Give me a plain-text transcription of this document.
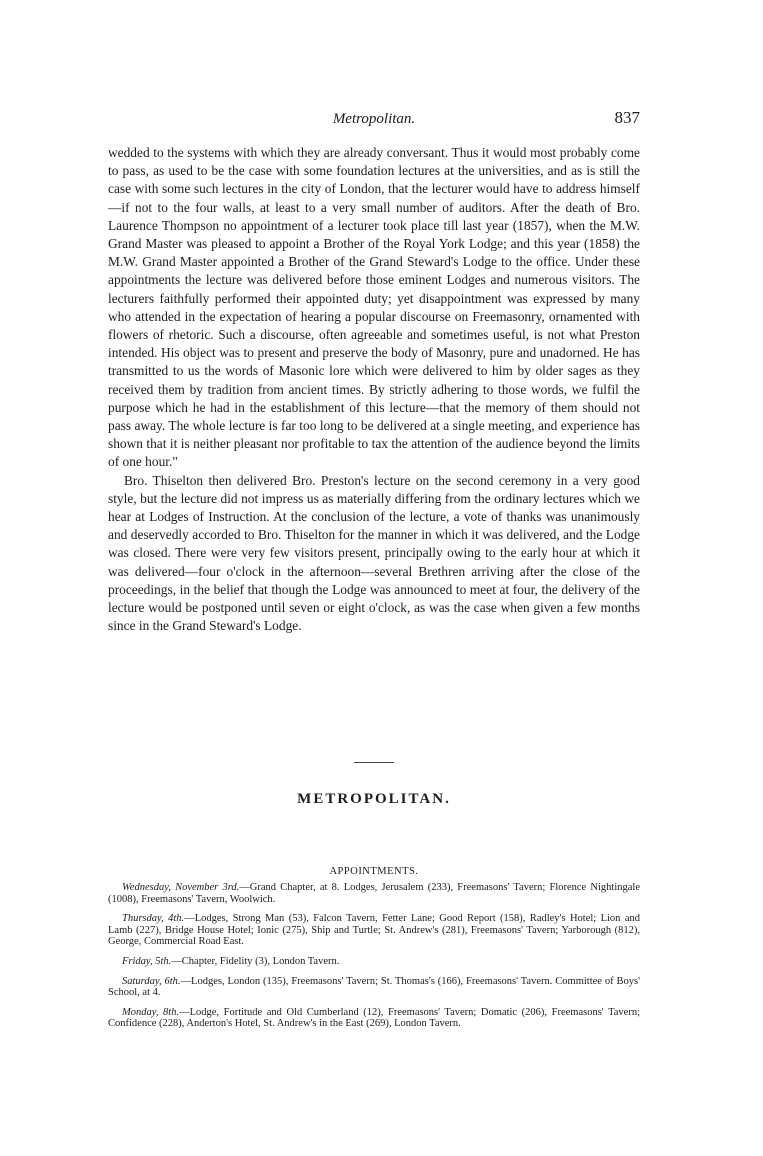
Metropolitan.	837

wedded to the systems with which they are already conversant. Thus it would most probably come to pass, as used to be the case with some foundation lectures at the universities, and as is still the case with some such lectures in the city of London, that the lecturer would have to address himself—if not to the four walls, at least to a very small number of auditors. After the death of Bro. Laurence Thompson no appointment of a lecturer took place till last year (1857), when the M.W. Grand Master was pleased to appoint a Brother of the Royal York Lodge; and this year (1858) the M.W. Grand Master appointed a Brother of the Grand Steward's Lodge to the office. Under these appointments the lecture was delivered before those eminent Lodges and numerous visitors. The lecturers faithfully performed their appointed duty; yet disappointment was expressed by many who attended in the expectation of hearing a popular discourse on Freemasonry, ornamented with flowers of rhetoric. Such a discourse, often agreeable and sometimes useful, is not what Preston intended. His object was to present and preserve the body of Masonry, pure and unadorned. He has transmitted to us the words of Masonic lore which were delivered to him by older sages as they received them by tradition from ancient times. By strictly adhering to those words, we fulfil the purpose which he had in the establishment of this lecture—that the memory of them should not pass away. The whole lecture is far too long to be delivered at a single meeting, and experience has shown that it is neither pleasant nor profitable to tax the attention of the audience beyond the limits of one hour."

Bro. Thiselton then delivered Bro. Preston's lecture on the second ceremony in a very good style, but the lecture did not impress us as materially differing from the ordinary lectures which we hear at Lodges of Instruction. At the conclusion of the lecture, a vote of thanks was unanimously and deservedly accorded to Bro. Thiselton for the manner in which it was delivered, and the Lodge was closed. There were very few visitors present, principally owing to the early hour at which it was delivered—four o'clock in the afternoon—several Brethren arriving after the close of the proceedings, in the belief that though the Lodge was announced to meet at four, the delivery of the lecture would be postponed until seven or eight o'clock, as was the case when given a few months since in the Grand Steward's Lodge.

METROPOLITAN.
APPOINTMENTS.

Wednesday, November 3rd.—Grand Chapter, at 8. Lodges, Jerusalem (233), Freemasons' Tavern; Florence Nightingale (1008), Freemasons' Tavern, Woolwich.

Thursday, 4th.—Lodges, Strong Man (53), Falcon Tavern, Fetter Lane; Good Report (158), Radley's Hotel; Lion and Lamb (227), Bridge House Hotel; Ionic (275), Ship and Turtle; St. Andrew's (281), Freemasons' Tavern; Yarborough (812), George, Commercial Road East.

Friday, 5th.—Chapter, Fidelity (3), London Tavern.

Saturday, 6th.—Lodges, London (135), Freemasons' Tavern; St. Thomas's (166), Freemasons' Tavern. Committee of Boys' School, at 4.

Monday, 8th.—Lodge, Fortitude and Old Cumberland (12), Freemasons' Tavern; Domatic (206), Freemasons' Tavern; Confidence (228), Anderton's Hotel, St. Andrew's in the East (269), London Tavern.
